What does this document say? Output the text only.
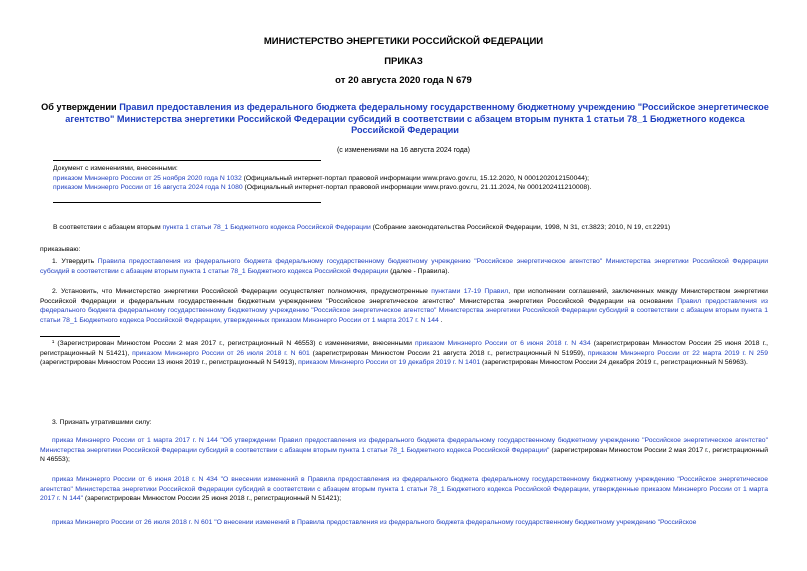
МИНИСТЕРСТВО ЭНЕРГЕТИКИ РОССИЙСКОЙ ФЕДЕРАЦИИ
ПРИКАЗ
от 20 августа 2020 года N 679
Об утверждении Правил предоставления из федерального бюджета федеральному государственному бюджетному учреждению "Российское энергетическое агентство" Министерства энергетики Российской Федерации субсидий в соответствии с абзацем вторым пункта 1 статьи 78_1 Бюджетного кодекса Российской Федерации
(с изменениями на 16 августа 2024 года)

Документ с изменениями, внесенными:

приказом Минэнерго России от 25 ноября 2020 года N 1032 (Официальный интернет-портал правовой информации www.pravo.gov.ru, 15.12.2020, N 0001202012150044);

приказом Минэнерго России от 16 августа 2024 года N 1080 (Официальный интернет-портал правовой информации www.pravo.gov.ru, 21.11.2024, № 0001202411210008).

В соответствии с абзацем вторым пункта 1 статьи 78_1 Бюджетного кодекса Российской Федерации (Собрание законодательства Российской Федерации, 1998, N 31, ст.3823; 2010, N 19, ст.2291)
приказываю:
1. Утвердить Правила предоставления из федерального бюджета федеральному государственному бюджетному учреждению "Российское энергетическое агентство" Министерства энергетики Российской Федерации субсидий в соответствии с абзацем вторым пункта 1 статьи 78_1 Бюджетного кодекса Российской Федерации (далее - Правила).
2. Установить, что Министерство энергетики Российской Федерации осуществляет полномочия, предусмотренные пунктами 17-19 Правил, при исполнении соглашений, заключенных между Министерством энергетики Российской Федерации и федеральным государственным бюджетным учреждением "Российское энергетическое агентство" Министерства энергетики Российской Федерации на основании Правил предоставления из федерального бюджета федеральному государственному бюджетному учреждению "Российское энергетическое агентство" Министерства энергетики Российской Федерации субсидий в соответствии с абзацем вторым пункта 1 статьи 78_1 Бюджетного кодекса Российской Федерации, утвержденных приказом Минэнерго России от 1 марта 2017 г. N 144 .
¹ (Зарегистрирован Минюстом России 2 мая 2017 г., регистрационный N 46553) с изменениями, внесенными приказом Минэнерго России от 6 июня 2018 г. N 434 (зарегистрирован Минюстом России 25 июня 2018 г., регистрационный N 51421), приказом Минэнерго России от 26 июля 2018 г. N 601 (зарегистрирован Минюстом России 21 августа 2018 г., регистрационный N 51959), приказом Минэнерго России от 22 марта 2019 г. N 259 (зарегистрирован Минюстом России 13 июня 2019 г., регистрационный N 54913), приказом Минэнерго России от 19 декабря 2019 г. N 1401 (зарегистрирован Минюстом России 24 декабря 2019 г., регистрационный N 56963).
3. Признать утратившими силу:
приказ Минэнерго России от 1 марта 2017 г. N 144 "Об утверждении Правил предоставления из федерального бюджета федеральному государственному бюджетному учреждению "Российское энергетическое агентство" Министерства энергетики Российской Федерации субсидий в соответствии с абзацем вторым пункта 1 статьи 78_1 Бюджетного кодекса Российской Федерации" (зарегистрирован Минюстом России 2 мая 2017 г., регистрационный N 46553);
приказ Минэнерго России от 6 июня 2018 г. N 434 "О внесении изменений в Правила предоставления из федерального бюджета федеральному государственному бюджетному учреждению "Российское энергетическое агентство" Министерства энергетики Российской Федерации субсидий в соответствии с абзацем вторым пункта 1 статьи 78_1 Бюджетного кодекса Российской Федерации, утвержденные приказом Минэнерго России от 1 марта 2017 г. N 144" (зарегистрирован Минюстом России 25 июня 2018 г., регистрационный N 51421);
приказ Минэнерго России от 26 июля 2018 г. N 601 "О внесении изменений в Правила предоставления из федерального бюджета федеральному государственному бюджетному учреждению "Российское
